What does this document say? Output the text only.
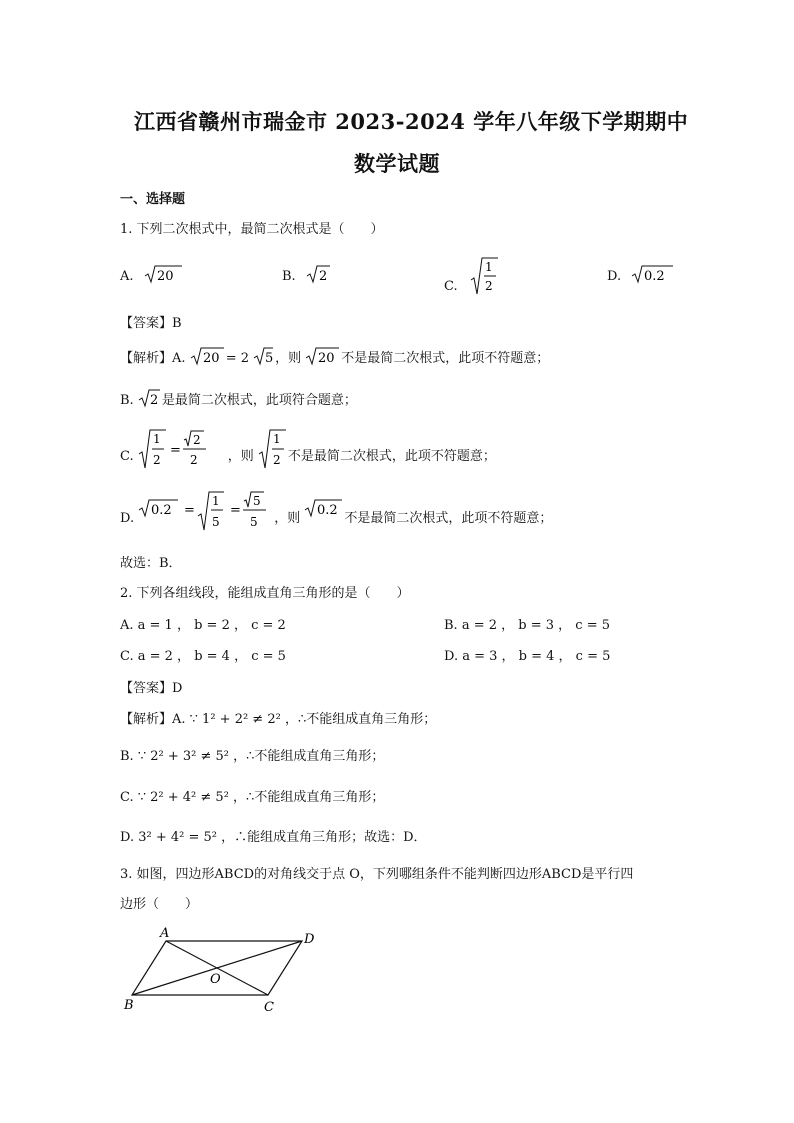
江西省赣州市瑞金市 2023-2024 学年八年级下学期期中
数学试题
一、选择题
1. 下列二次根式中，最简二次根式是（　　）
A. 20	B. 2
C.
1
2
D. 0.2
【答案】B
【解析】A. 20 = 2 5 ，则 20 不是最简二次根式，此项不符题意；
B. 2 是最简二次根式，此项符合题意；
C.
1
2
=
2
2 ，则
1
2 不是最简二次根式，此项不符题意；
D.
0.2 =
1
5
=
5
5 ，则
0.2
不是最简二次根式，此项不符题意；
故选：B．
2. 下列各组线段，能组成直角三角形的是（　　）
A. a = 1 ， b = 2 ， c = 2	B. a = 2 ， b = 3 ， c = 5
C. a = 2 ， b = 4 ， c = 5	D. a = 3 ， b = 4 ， c = 5
【答案】D
【解析】A. ∵ 1² + 2² ≠ 2² ，∴不能组成直角三角形；
B. ∵ 2² + 3² ≠ 5² ，∴不能组成直角三角形；
C. ∵ 2² + 4² ≠ 5² ，∴不能组成直角三角形；
D. 3² + 4² = 5² ，∴能组成直角三角形；故选：D．
3. 如图，四边形ABCD的对角线交于点 O，下列哪组条件不能判断四边形ABCD是平行四
边形（　　）
A	D
B	C
O
